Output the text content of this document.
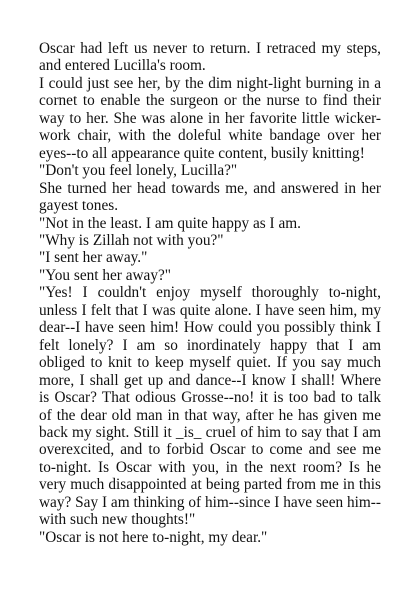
Oscar had left us never to return. I retraced my steps, and entered Lucilla's room.

I could just see her, by the dim night-light burning in a cornet to enable the surgeon or the nurse to find their way to her. She was alone in her favorite little wicker-work chair, with the doleful white bandage over her eyes--to all appearance quite content, busily knitting!

"Don't you feel lonely, Lucilla?"

She turned her head towards me, and answered in her gayest tones.

"Not in the least. I am quite happy as I am.

"Why is Zillah not with you?"

"I sent her away."

"You sent her away?"

"Yes! I couldn't enjoy myself thoroughly to-night, unless I felt that I was quite alone. I have seen him, my dear--I have seen him! How could you possibly think I felt lonely? I am so inordinately happy that I am obliged to knit to keep myself quiet. If you say much more, I shall get up and dance--I know I shall! Where is Oscar? That odious Grosse--no! it is too bad to talk of the dear old man in that way, after he has given me back my sight. Still it _is_ cruel of him to say that I am overexcited, and to forbid Oscar to come and see me to-night. Is Oscar with you, in the next room? Is he very much disappointed at being parted from me in this way? Say I am thinking of him--since I have seen him--with such new thoughts!"

"Oscar is not here to-night, my dear."
